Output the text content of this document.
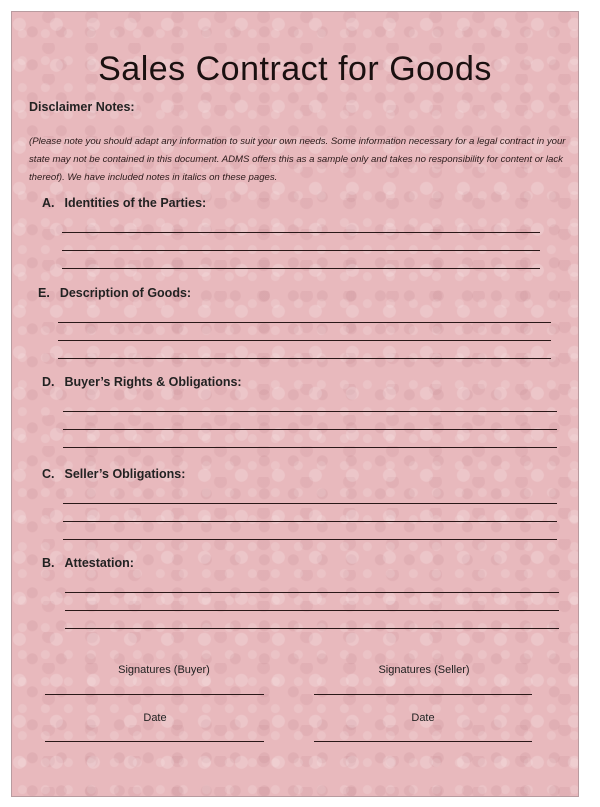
Sales Contract for Goods
Disclaimer Notes:
(Please note you should adapt any information to suit your own needs. Some information necessary for a legal contract in your state may not be contained in this document. ADMS offers this as a sample only and takes no responsibility for content or lack thereof). We have included notes in italics on these pages.
A. Identities of the Parties:
E. Description of Goods:
D. Buyer’s Rights & Obligations:
C. Seller’s Obligations:
B. Attestation:
Signatures (Buyer)	Signatures (Seller)
Date	Date
